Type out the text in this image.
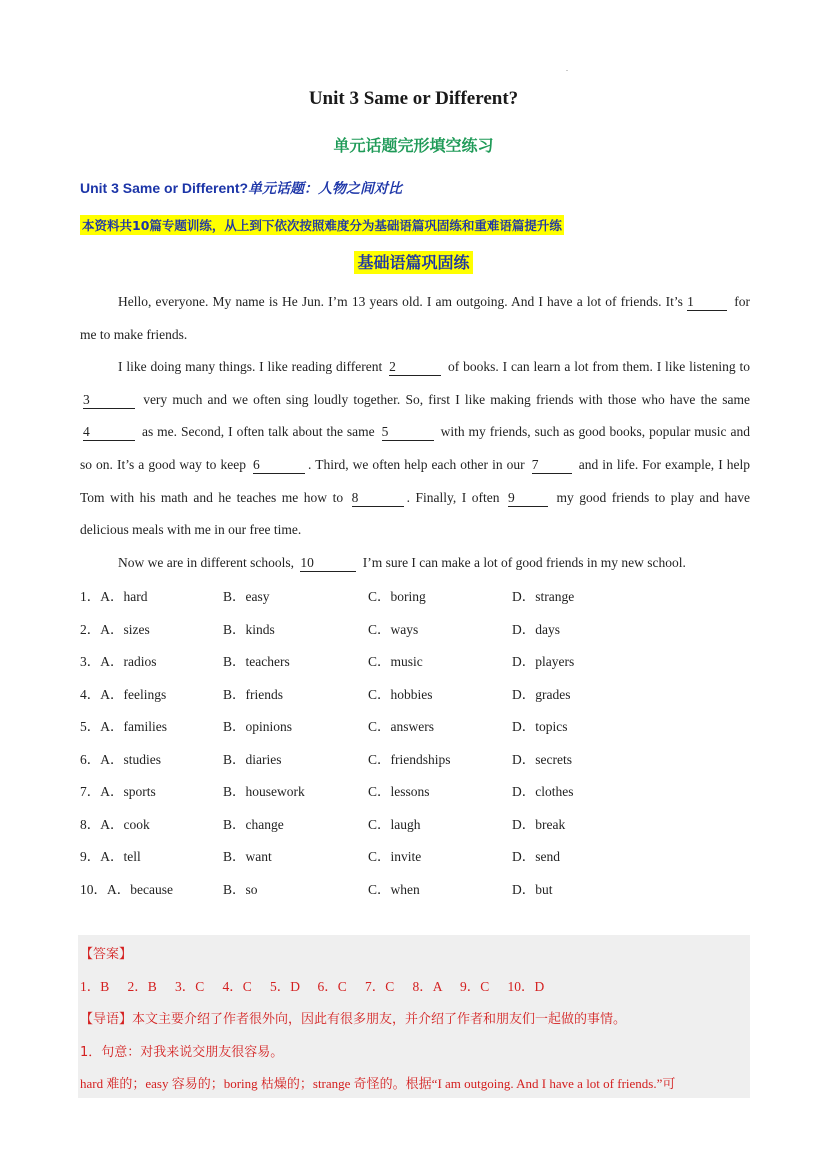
.
Unit 3 Same or Different?
单元话题完形填空练习
Unit 3 Same or Different?单元话题：人物之间对比
本资料共10篇专题训练，从上到下依次按照难度分为基础语篇巩固练和重难语篇提升练
基础语篇巩固练

Hello, everyone. My name is He Jun. I’m 13 years old. I am outgoing. And I have a lot of friends. It’s 1	for me to make friends.

I like doing many things. I like reading different 2	of books. I can learn a lot from them. I like listening to 3	very much and we often sing loudly together. So, first I like making friends with those who have the same 4	as me. Second, I often talk about the same 5	with my friends, such as good books, popular music and so on. It’s a good way to keep 6	. Third, we often help each other in our 7	and in life. For example, I help Tom with his math and he teaches me how to 8	. Finally, I often 9	my good friends to play and have delicious meals with me in our free time.

Now we are in different schools, 10	I’m sure I can make a lot of good friends in my new school.

1．A．hard	B．easy	C．boring	D．strange
2．A．sizes	B．kinds	C．ways	D．days
3．A．radios	B．teachers	C．music	D．players
4．A．feelings	B．friends	C．hobbies	D．grades
5．A．families	B．opinions	C．answers	D．topics
6．A．studies	B．diaries	C．friendships	D．secrets
7．A．sports	B．housework	C．lessons	D．clothes
8．A．cook	B．change	C．laugh	D．break
9．A．tell	B．want	C．invite	D．send
10．A．because	B．so	C．when	D．but
【答案】
1．B 2．B 3．C 4．C 5．D 6．C 7．C 8．A 9．C 10．D
【导语】本文主要介绍了作者很外向，因此有很多朋友，并介绍了作者和朋友们一起做的事情。
1．句意：对我来说交朋友很容易。
hard 难的；easy 容易的；boring 枯燥的；strange 奇怪的。根据“I am outgoing. And I have a lot of friends.”可
